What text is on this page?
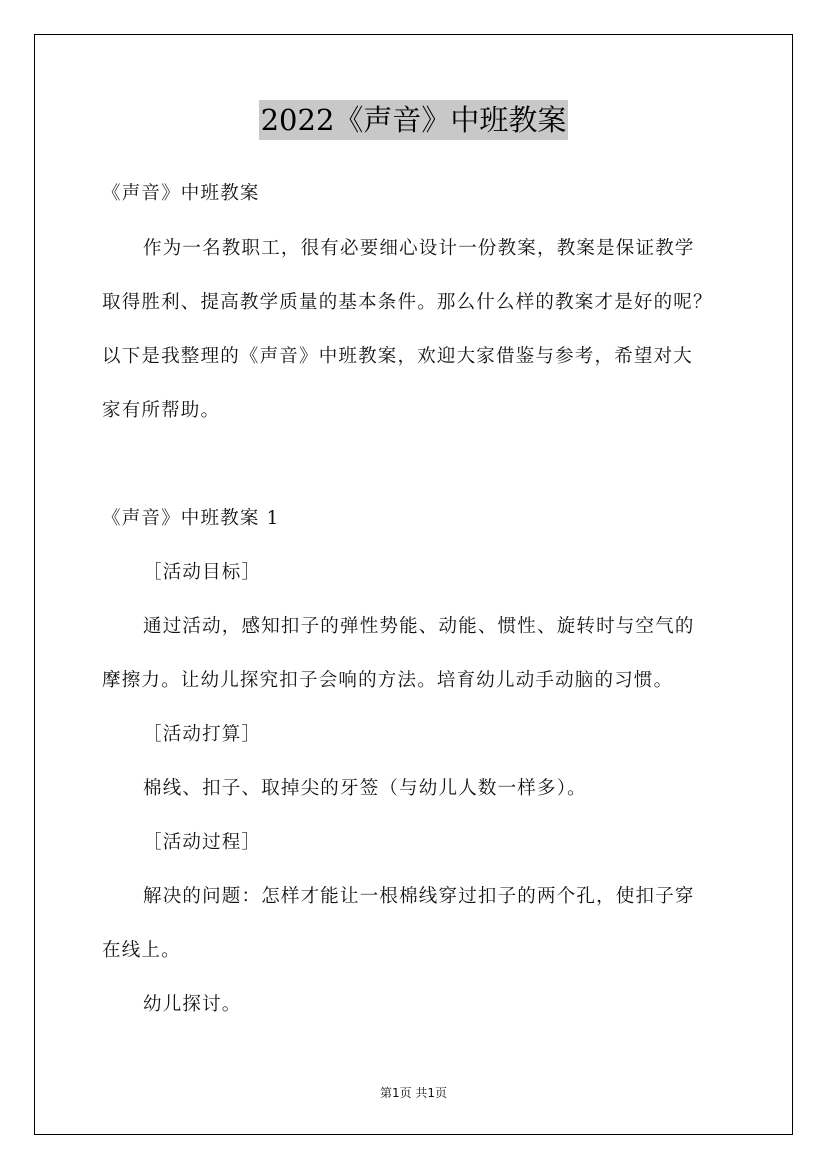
2022《声音》中班教案
《声音》中班教案
作为一名教职工，很有必要细心设计一份教案，教案是保证教学
取得胜利、提高教学质量的基本条件。那么什么样的教案才是好的呢？
以下是我整理的《声音》中班教案，欢迎大家借鉴与参考，希望对大
家有所帮助。
《声音》中班教案 1
［活动目标］
通过活动，感知扣子的弹性势能、动能、惯性、旋转时与空气的
摩擦力。让幼儿探究扣子会响的方法。培育幼儿动手动脑的习惯。
［活动打算］
棉线、扣子、取掉尖的牙签（与幼儿人数一样多）。
［活动过程］
解决的问题：怎样才能让一根棉线穿过扣子的两个孔，使扣子穿
在线上。
幼儿探讨。
第1页 共1页
